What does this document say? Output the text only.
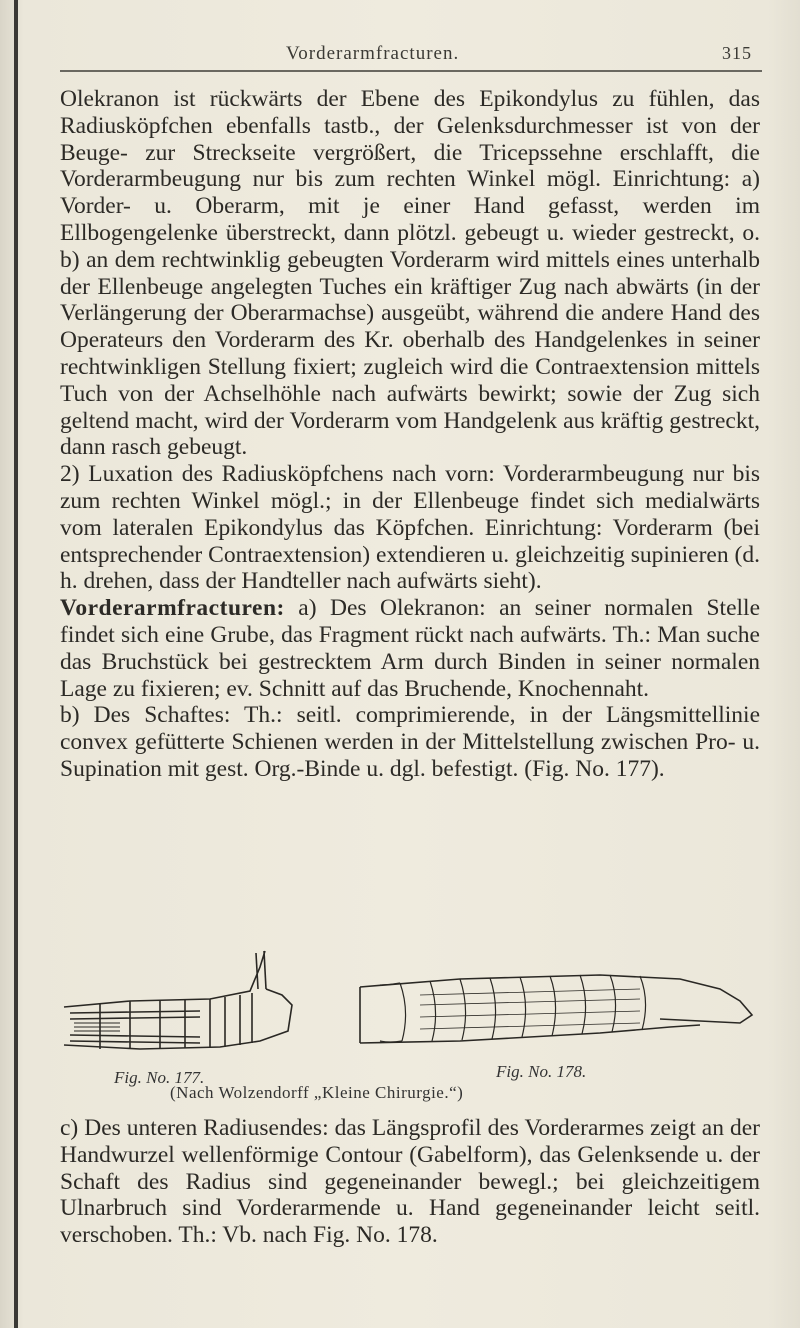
Vorderarmfracturen.	315

Olekranon ist rückwärts der Ebene des Epikondylus zu fühlen, das Radiusköpfchen ebenfalls tastb., der Gelenksdurchmesser ist von der Beuge- zur Streckseite vergrößert, die Tricepssehne erschlafft, die Vorderarmbeugung nur bis zum rechten Winkel mögl. Einrichtung: a) Vorder- u. Oberarm, mit je einer Hand gefasst, werden im Ellbogengelenke überstreckt, dann plötzl. gebeugt u. wieder gestreckt, o. b) an dem rechtwinklig gebeugten Vorderarm wird mittels eines unterhalb der Ellenbeuge angelegten Tuches ein kräftiger Zug nach abwärts (in der Verlängerung der Oberarmachse) ausgeübt, während die andere Hand des Operateurs den Vorderarm des Kr. oberhalb des Handgelenkes in seiner rechtwinkligen Stellung fixiert; zugleich wird die Contraextension mittels Tuch von der Achselhöhle nach aufwärts bewirkt; sowie der Zug sich geltend macht, wird der Vorderarm vom Handgelenk aus kräftig gestreckt, dann rasch gebeugt.

2) Luxation des Radiusköpfchens nach vorn: Vorderarmbeugung nur bis zum rechten Winkel mögl.; in der Ellenbeuge findet sich medialwärts vom lateralen Epikondylus das Köpfchen. Einrichtung: Vorderarm (bei entsprechender Contraextension) extendieren u. gleichzeitig supinieren (d. h. drehen, dass der Handteller nach aufwärts sieht).

Vorderarmfracturen: a) Des Olekranon: an seiner normalen Stelle findet sich eine Grube, das Fragment rückt nach aufwärts. Th.: Man suche das Bruchstück bei gestrecktem Arm durch Binden in seiner normalen Lage zu fixieren; ev. Schnitt auf das Bruchende, Knochennaht.

b) Des Schaftes: Th.: seitl. comprimierende, in der Längsmittellinie convex gefütterte Schienen werden in der Mittelstellung zwischen Pro- u. Supination mit gest. Org.-Binde u. dgl. befestigt. (Fig. No. 177).

Fig. No. 177.	Fig. No. 178.
(Nach Wolzendorff „Kleine Chirurgie.“)

c) Des unteren Radiusendes: das Längsprofil des Vorderarmes zeigt an der Handwurzel wellenförmige Contour (Gabelform), das Gelenksende u. der Schaft des Radius sind gegeneinander bewegl.; bei gleichzeitigem Ulnarbruch sind Vorderarmende u. Hand gegeneinander leicht seitl. verschoben. Th.: Vb. nach Fig. No. 178.
